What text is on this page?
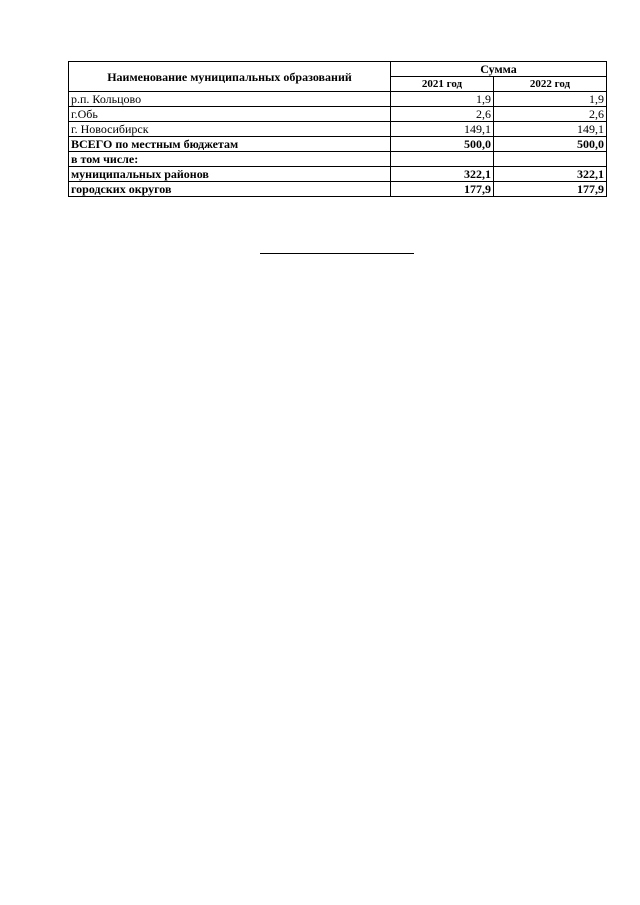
Наименование муниципальных образований	Сумма	
	2021 год	2022 год
р.п. Кольцово	1,9	1,9
г.Обь	2,6	2,6
г. Новосибирск	149,1	149,1
ВСЕГО по местным бюджетам	500,0	500,0
в том числе:		
муниципальных районов	322,1	322,1
городских округов	177,9	177,9
